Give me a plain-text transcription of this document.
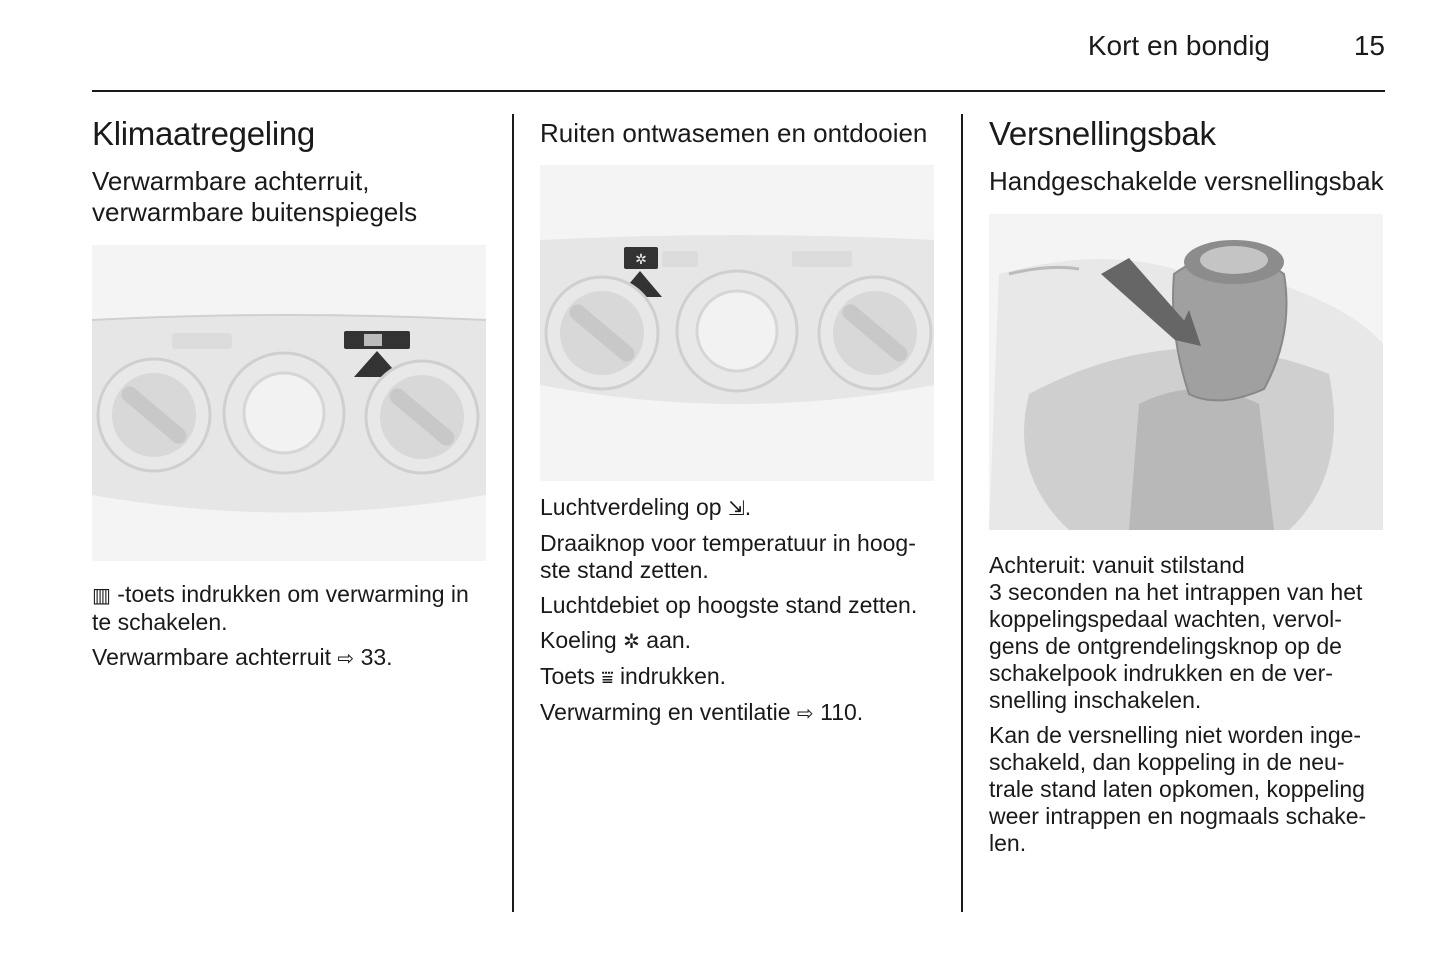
Kort en bondig	15
Klimaatregeling
Verwarmbare achterruit, verwarmbare buitenspiegels

▥ -toets indrukken om verwarming in te schakelen.

Verwarmbare achterruit ⇨ 33.

Ruiten ontwasemen en ontdooien
✲

Luchtverdeling op ⇲.

Draaiknop voor temperatuur in hoog-ste stand zetten.

Luchtdebiet op hoogste stand zetten.

Koeling ✲ aan.

Toets ⩸ indrukken.

Verwarming en ventilatie ⇨ 110.

Versnellingsbak
Handgeschakelde versnellingsbak

Achteruit: vanuit stilstand
3 seconden na het intrappen van het koppelingspedaal wachten, vervol-gens de ontgrendelingsknop op de schakelpook indrukken en de ver-snelling inschakelen.

Kan de versnelling niet worden inge-schakeld, dan koppeling in de neu-trale stand laten opkomen, koppeling weer intrappen en nogmaals schake-len.
